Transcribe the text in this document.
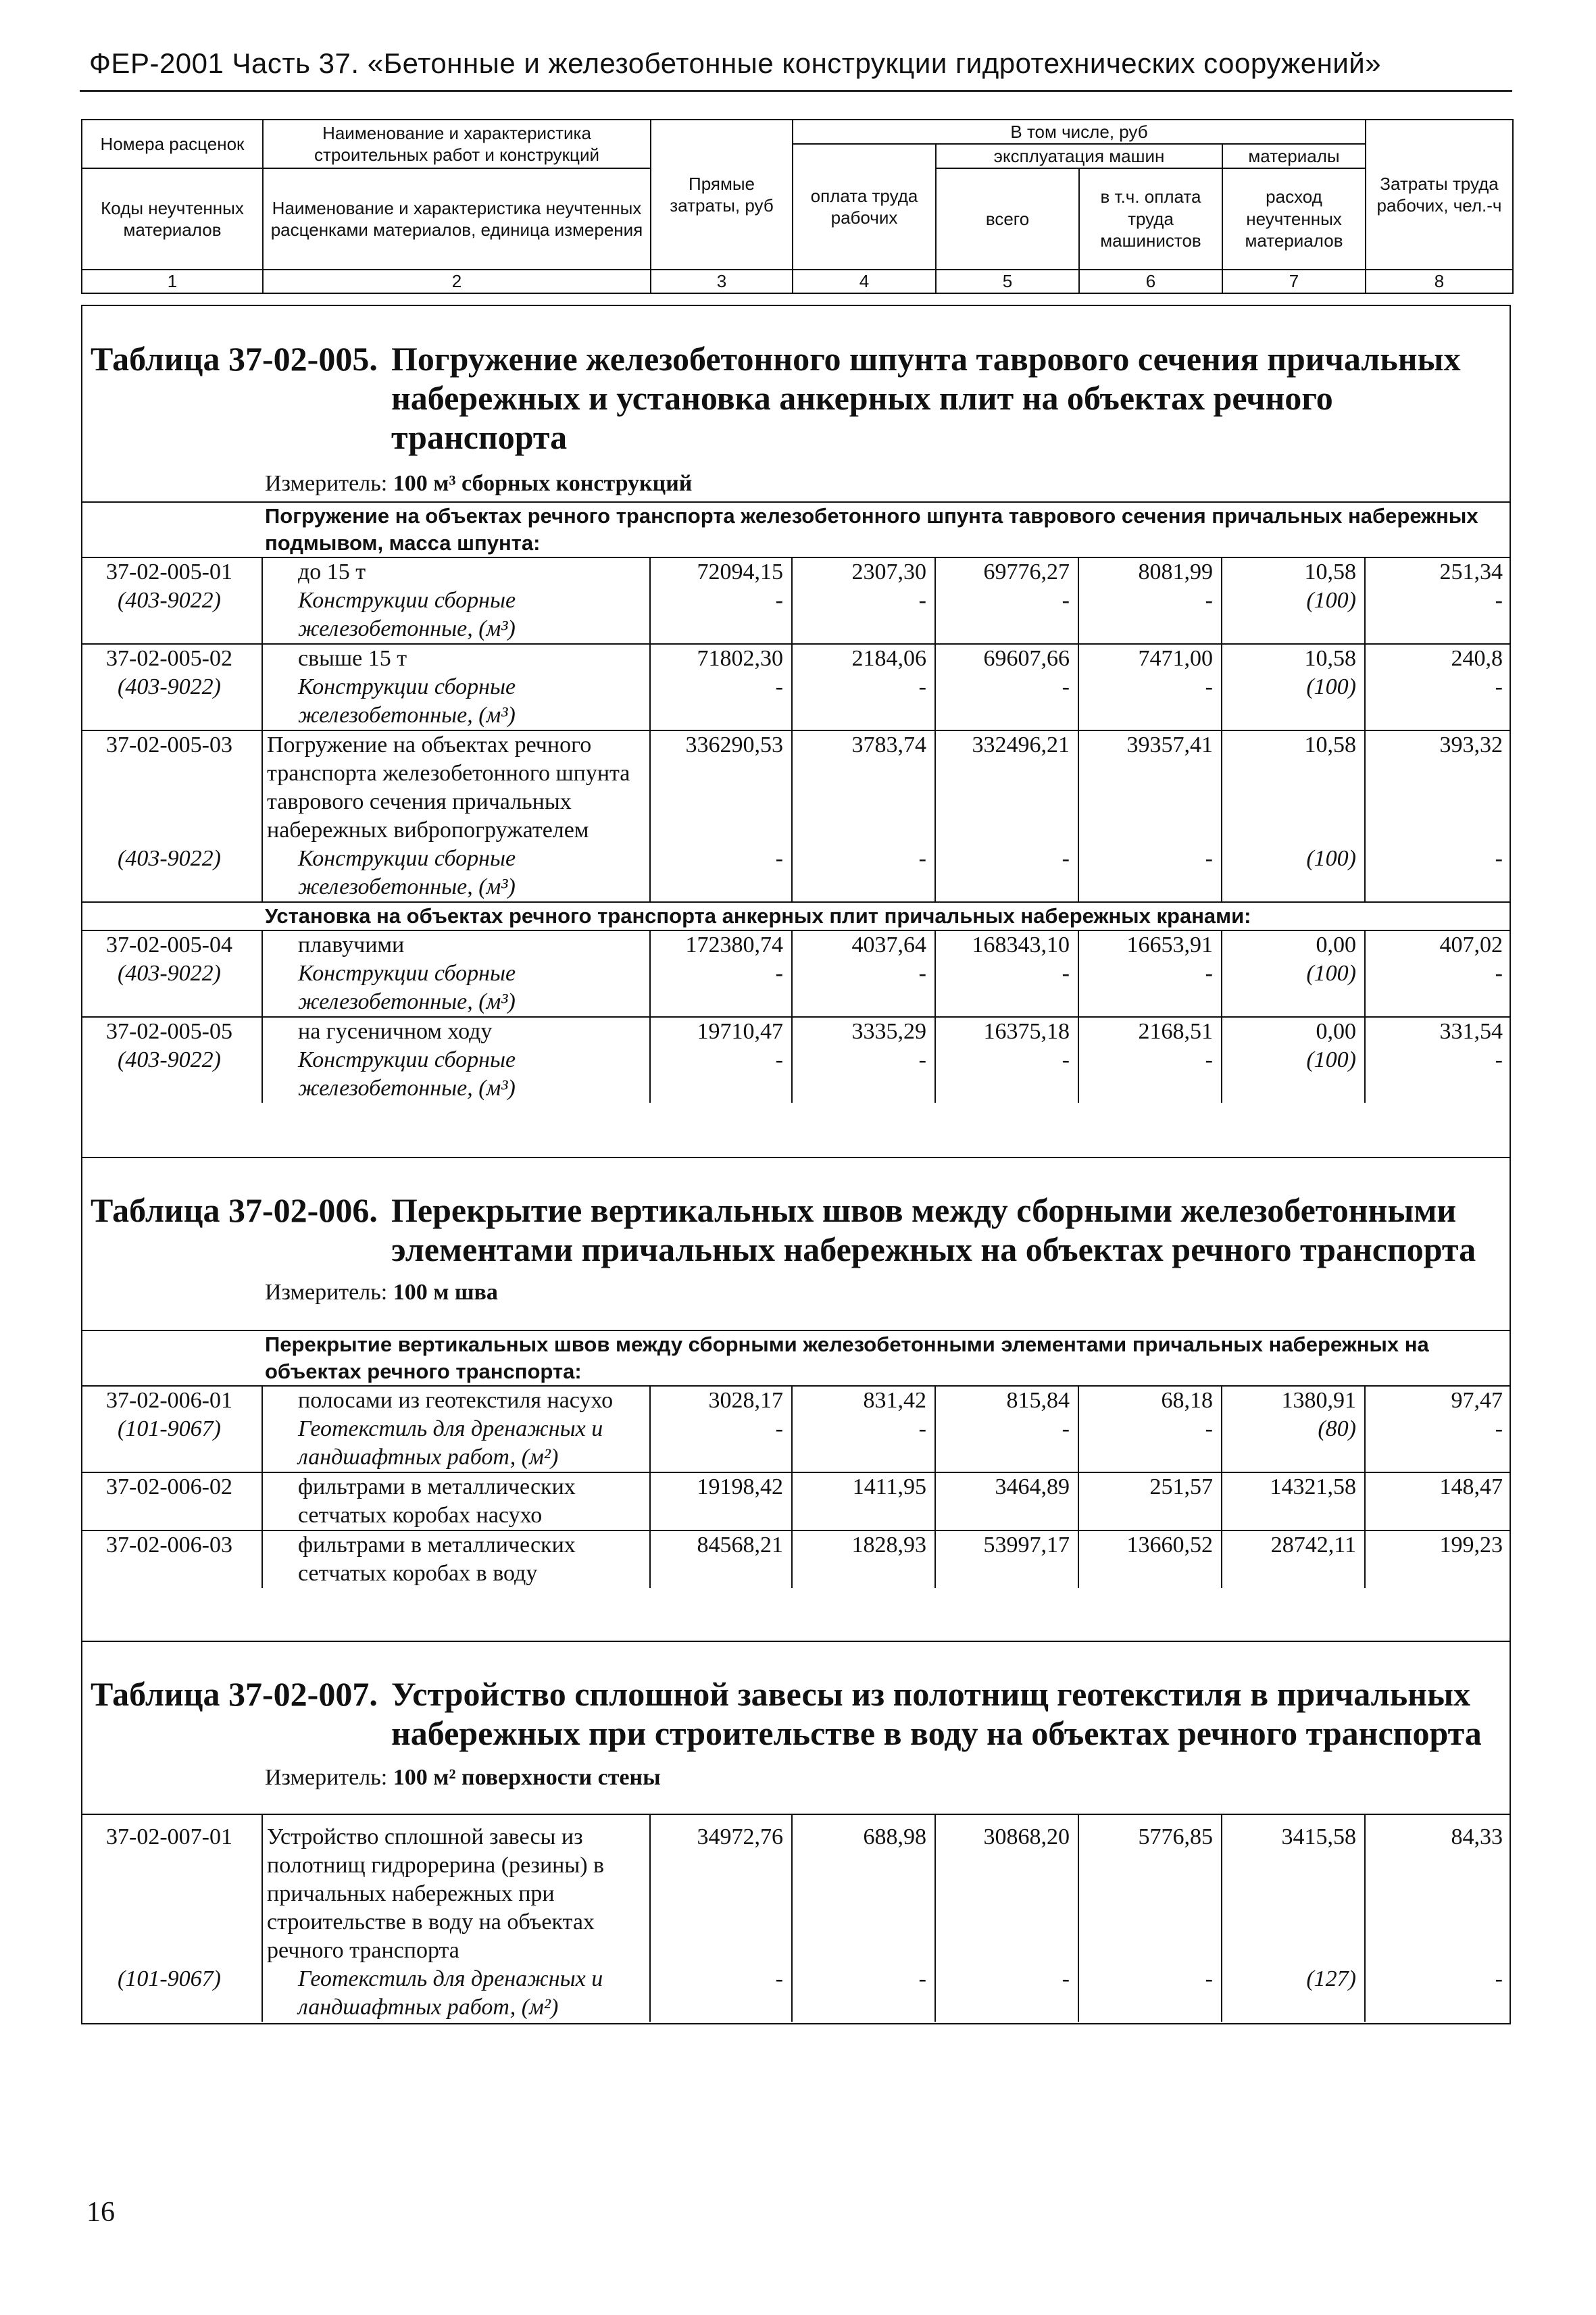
ФЕР-2001 Часть 37. «Бетонные и железобетонные конструкции гидротехнических сооружений»
Номера расценок	Наименование и характеристика строительных работ и конструкций	Прямые затраты, руб	В том числе, руб				Затраты труда рабочих, чел.-ч
			оплата труда рабочих	эксплуатация машин		материалы	
Коды неучтенных материалов	Наименование и характеристика неучтенных расценками материалов, единица измерения			всего	в т.ч. оплата труда машинистов	расход неучтенных материалов	
1	2	3	4	5	6	7	8
Таблица 37-02-005. Погружение железобетонного шпунта таврового сечения причальных набережных и установка анкерных плит на объектах речного транспорта
Измеритель: 100 м³ сборных конструкций
Погружение на объектах речного транспорта железобетонного шпунта таврового сечения причальных набережных подмывом, масса шпунта:							
37-02-005-01	до 15 т	72094,15	2307,30	69776,27	8081,99	10,58	251,34
(403-9022)	Конструкции сборные железобетонные, (м³)	-	-	-	-	(100)	-
37-02-005-02	свыше 15 т	71802,30	2184,06	69607,66	7471,00	10,58	240,8
(403-9022)	Конструкции сборные железобетонные, (м³)	-	-	-	-	(100)	-
37-02-005-03	Погружение на объектах речного транспорта железобетонного шпунта таврового сечения причальных набережных вибропогружателем	336290,53	3783,74	332496,21	39357,41	10,58	393,32
(403-9022)	Конструкции сборные железобетонные, (м³)	-	-	-	-	(100)	-
Установка на объектах речного транспорта анкерных плит причальных набережных кранами:							
37-02-005-04	плавучими	172380,74	4037,64	168343,10	16653,91	0,00	407,02
(403-9022)	Конструкции сборные железобетонные, (м³)	-	-	-	-	(100)	-
37-02-005-05	на гусеничном ходу	19710,47	3335,29	16375,18	2168,51	0,00	331,54
(403-9022)	Конструкции сборные железобетонные, (м³)	-	-	-	-	(100)	-
Таблица 37-02-006. Перекрытие вертикальных швов между сборными железобетонными элементами причальных набережных на объектах речного транспорта
Измеритель: 100 м шва
Перекрытие вертикальных швов между сборными железобетонными элементами причальных набережных на объектах речного транспорта:							
37-02-006-01	полосами из геотекстиля насухо	3028,17	831,42	815,84	68,18	1380,91	97,47
(101-9067)	Геотекстиль для дренажных и ландшафтных работ, (м²)	-	-	-	-	(80)	-
37-02-006-02	фильтрами в металлических сетчатых коробах насухо	19198,42	1411,95	3464,89	251,57	14321,58	148,47
37-02-006-03	фильтрами в металлических сетчатых коробах в воду	84568,21	1828,93	53997,17	13660,52	28742,11	199,23
Таблица 37-02-007. Устройство сплошной завесы из полотнищ геотекстиля в причальных набережных при строительстве в воду на объектах речного транспорта
Измеритель: 100 м² поверхности стены

37-02-007-01	Устройство сплошной завесы из полотнищ гидрорерина (резины) в причальных набережных при строительстве в воду на объектах речного транспорта	34972,76	688,98	30868,20	5776,85	3415,58	84,33
(101-9067)	Геотекстиль для дренажных и ландшафтных работ, (м²)	-	-	-	-	(127)	-
16
